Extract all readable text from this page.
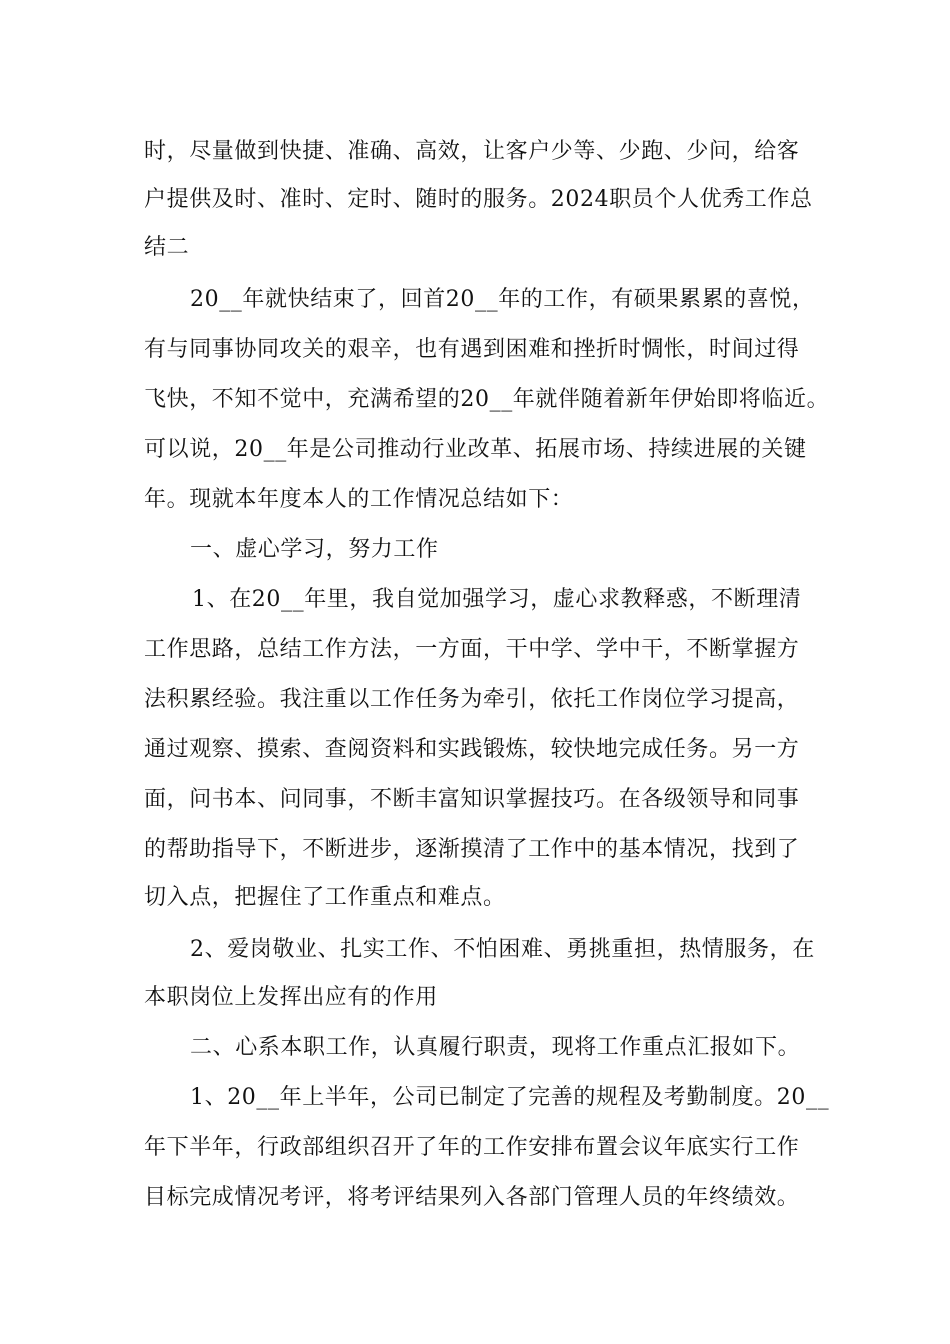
时，尽量做到快捷、准确、高效，让客户少等、少跑、少问，给客
户提供及时、准时、定时、随时的服务。2024职员个人优秀工作总
结二
20__年就快结束了，回首20__年的工作，有硕果累累的喜悦，
有与同事协同攻关的艰辛，也有遇到困难和挫折时惆怅，时间过得
飞快，不知不觉中，充满希望的20__年就伴随着新年伊始即将临近。
可以说，20__年是公司推动行业改革、拓展市场、持续进展的关键
年。现就本年度本人的工作情况总结如下：
一、虚心学习，努力工作
1、在20__年里，我自觉加强学习，虚心求教释惑，不断理清
工作思路，总结工作方法，一方面，干中学、学中干，不断掌握方
法积累经验。我注重以工作任务为牵引，依托工作岗位学习提高，
通过观察、摸索、查阅资料和实践锻炼，较快地完成任务。另一方
面，问书本、问同事，不断丰富知识掌握技巧。在各级领导和同事
的帮助指导下，不断进步，逐渐摸清了工作中的基本情况，找到了
切入点，把握住了工作重点和难点。
2、爱岗敬业、扎实工作、不怕困难、勇挑重担，热情服务，在
本职岗位上发挥出应有的作用
二、心系本职工作，认真履行职责，现将工作重点汇报如下。
1、20__年上半年，公司已制定了完善的规程及考勤制度。20__
年下半年，行政部组织召开了年的工作安排布置会议年底实行工作
目标完成情况考评，将考评结果列入各部门管理人员的年终绩效。
